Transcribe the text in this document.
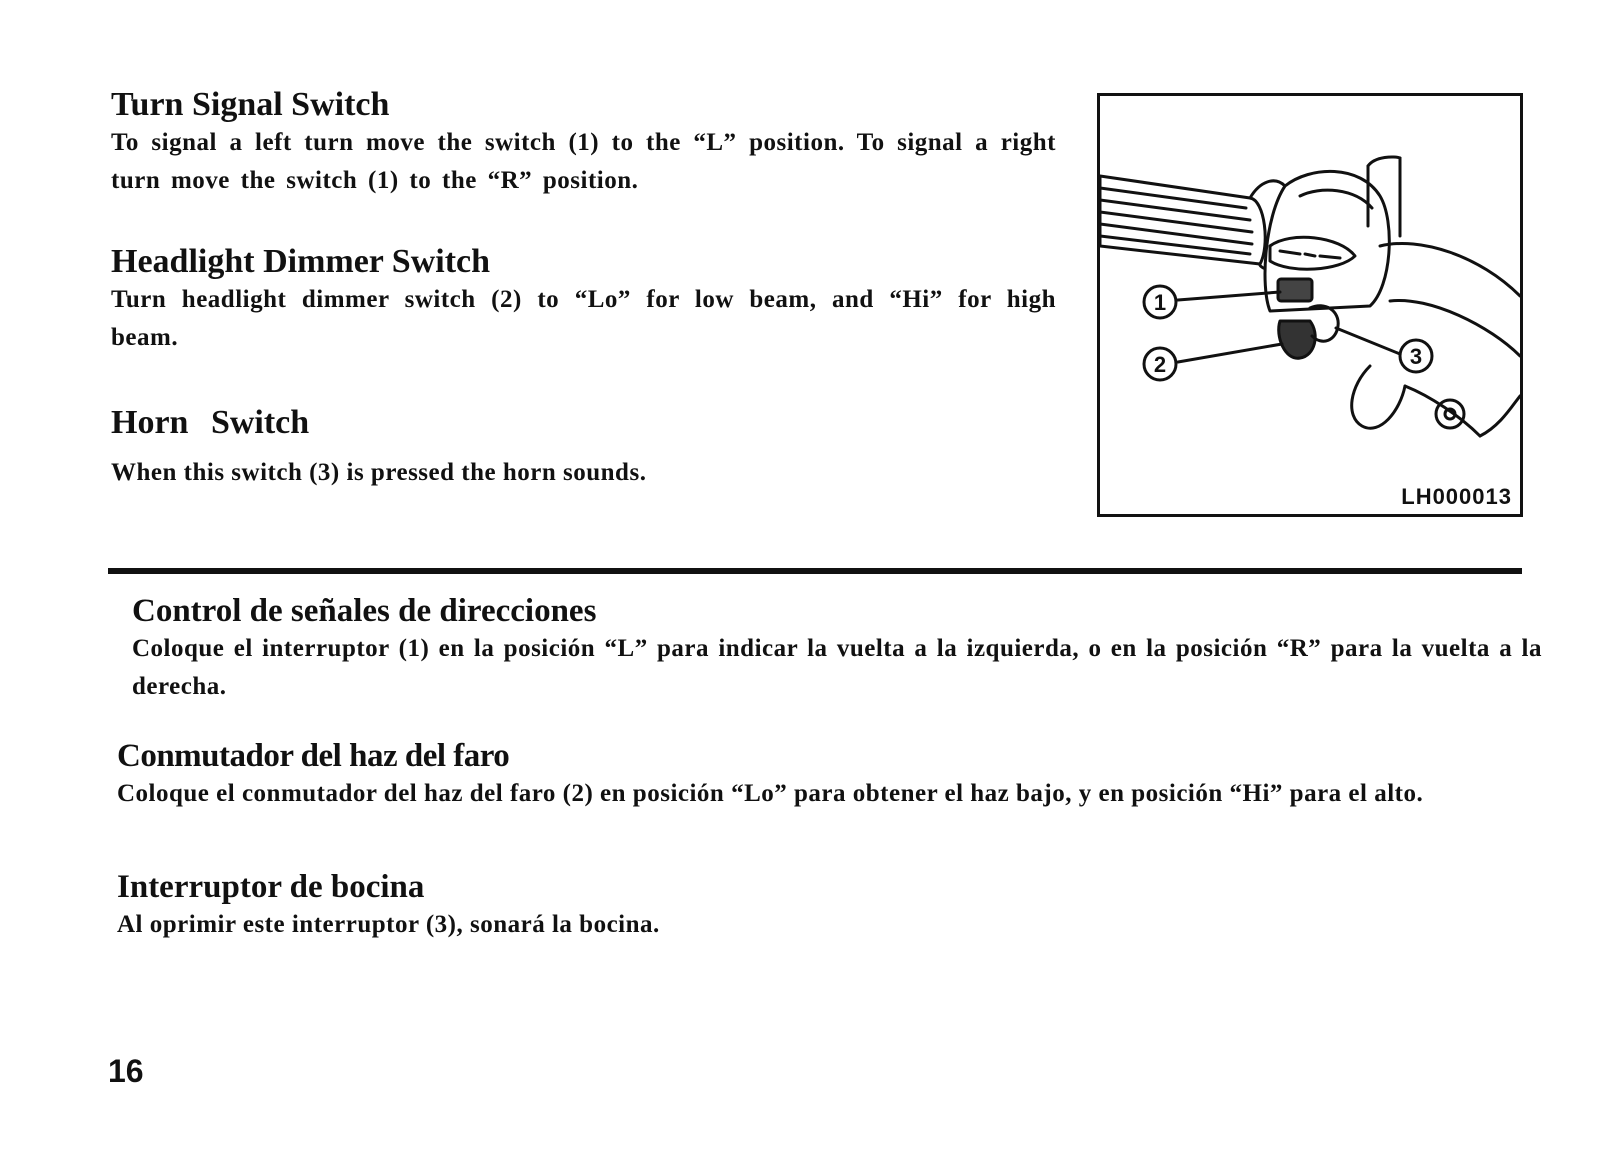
Turn Signal Switch

To signal a left turn move the switch (1) to the “L” position. To signal a right turn move the switch (1) to the “R” position.

Headlight Dimmer Switch

Turn headlight dimmer switch (2) to “Lo” for low beam, and “Hi” for high beam.

Horn Switch

When this switch (3) is pressed the horn sounds.

1
2	3
LH000013
Control de señales de direcciones

Coloque el interruptor (1) en la posición “L” para indicar la vuelta a la izquierda, o en la posición “R” para la vuelta a la derecha.

Conmutador del haz del faro

Coloque el conmutador del haz del faro (2) en posición “Lo” para obtener el haz bajo, y en posición “Hi” para el alto.

Interruptor de bocina

Al oprimir este interruptor (3), sonará la bocina.

16
